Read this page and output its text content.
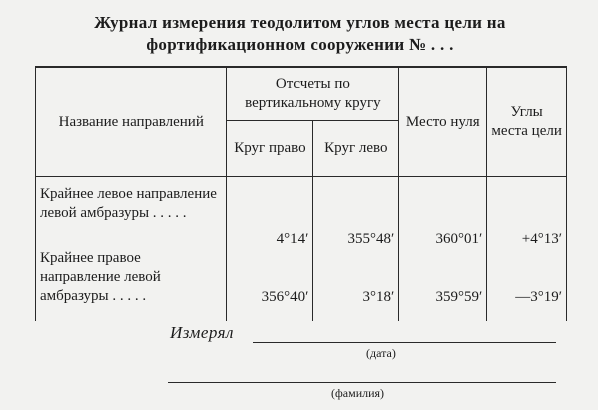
Журнал измерения теодолитом углов места цели на
фортификационном сооружении № . . .
Название направлений	Отсчеты по вертикальному кругу		Место нуля	Углы места цели
	Круг право	Круг лево		
Крайнее левое направление левой амбразуры . . . . .	4°14′	355°48′	360°01′	+4°13′
Крайнее правое направление левой амбразуры . . . . .	356°40′	3°18′	359°59′	—3°19′

Измерял
(дата)
(фамилия)
